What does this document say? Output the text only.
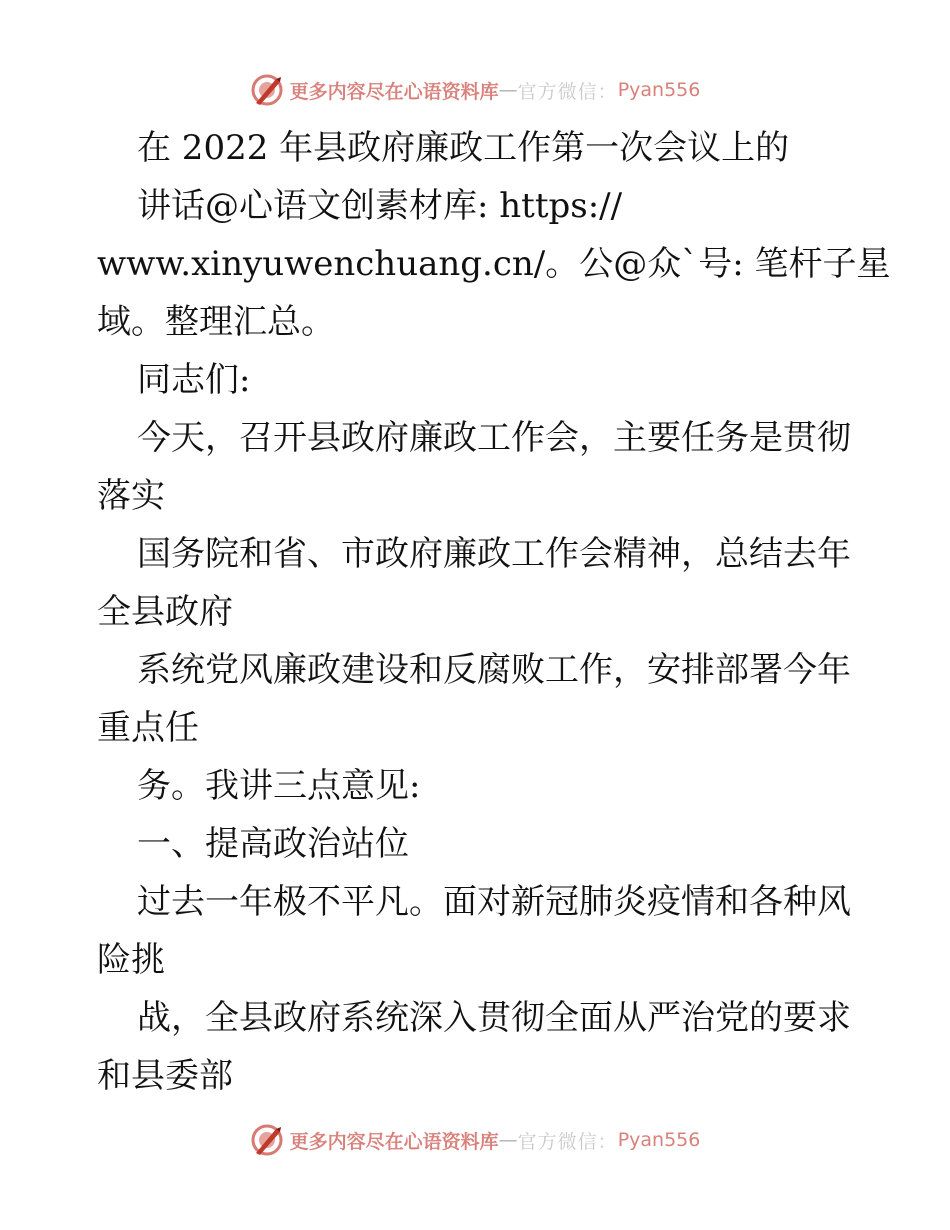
更多内容尽在心语资料库 — 官方微信： Pyan556
在 2022 年县政府廉政工作第一次会议上的
讲话@心语文创素材库: https://
www.xinyuwenchuang.cn/。公@众`号: 笔杆子星
域。整理汇总。
同志们:
今天，召开县政府廉政工作会，主要任务是贯彻
落实
国务院和省、市政府廉政工作会精神，总结去年
全县政府
系统党风廉政建设和反腐败工作，安排部署今年
重点任
务。我讲三点意见:
一、提高政治站位
过去一年极不平凡。面对新冠肺炎疫情和各种风
险挑
战，全县政府系统深入贯彻全面从严治党的要求
和县委部
更多内容尽在心语资料库 — 官方微信： Pyan556
